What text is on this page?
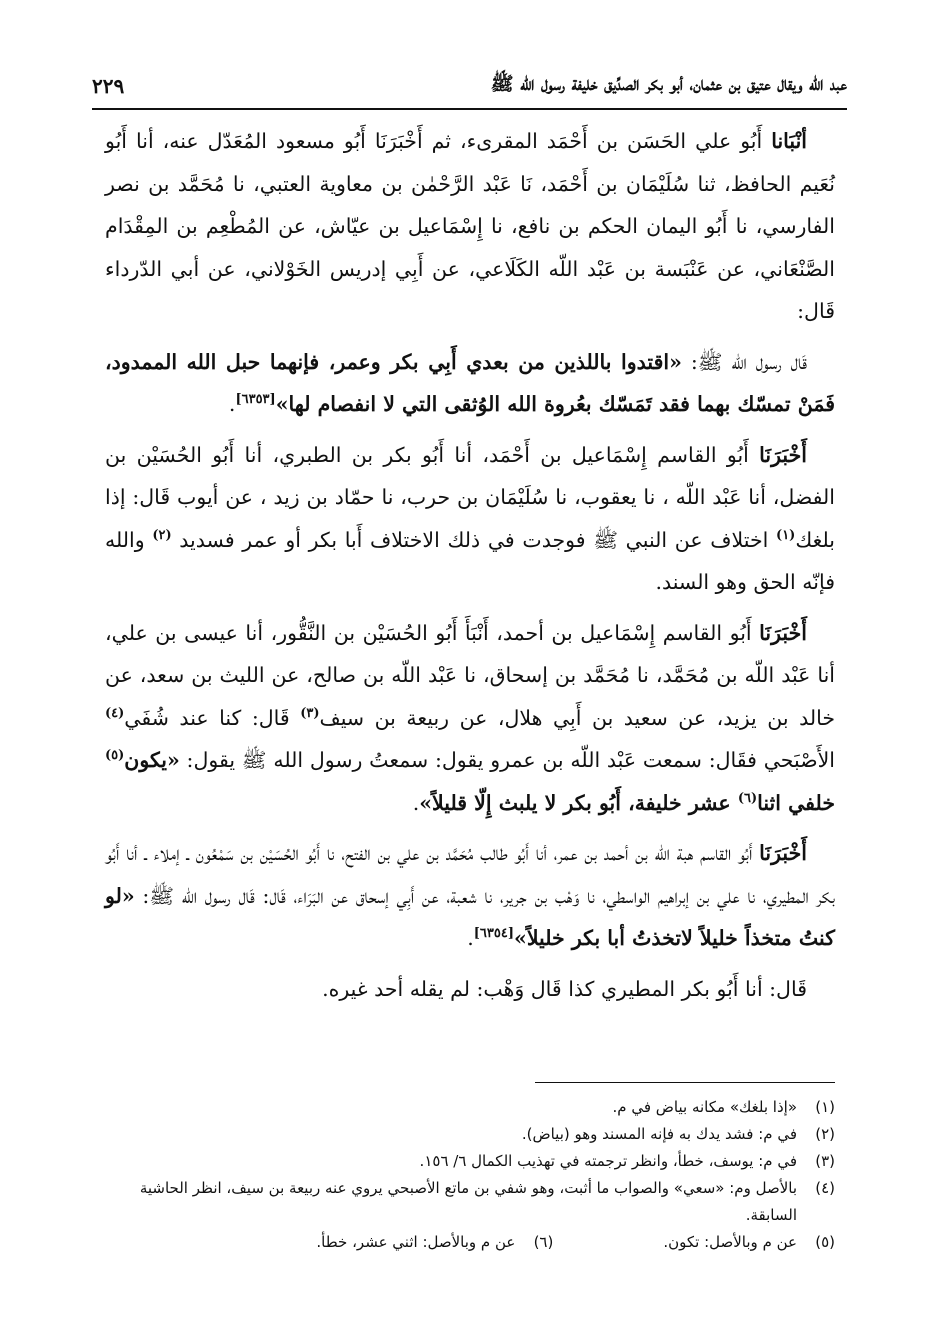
عبد الله ويقال عتيق بن عثمان، أبو بكر الصدِّيق خليفة رسول الله ﷺ
٢٢٩

أنْبَانا أَبُو علي الحَسَن بن أَحْمَد المقرىء، ثم أَخْبَرَنَا أَبُو مسعود المُعَدّل عنه، أنا أَبُو نُعَيم الحافظ، ثنا سُلَيْمَان بن أَحْمَد، نَا عَبْد الرَّحْمٰن بن معاوية العتبي، نا مُحَمَّد بن نصر الفارسي، نا أَبُو اليمان الحكم بن نافع، نا إِسْمَاعيل بن عيّاش، عن المُطْعِم بن المِقْدَام الصَّنْعَاني، عن عَنْبَسة بن عَبْد اللّه الكَلَاعي، عن أَبِي إدريس الخَوْلاني، عن أبي الدّرداء قَال:

قَال رسول الله ﷺ: «اقتدوا باللذين من بعدي أَبِي بكر وعمر، فإنهما حبل الله الممدود، فَمَنْ تمسّك بهما فقد تَمَسّك بعُروة الله الوُثقى التي لا انفصام لها»[٦٣٥٣].

أَخْبَرَنَا أَبُو القاسم إِسْمَاعيل بن أَحْمَد، أنا أَبُو بكر بن الطبري، أنا أَبُو الحُسَيْن بن الفضل، أنا عَبْد اللّه ، نا يعقوب، نا سُلَيْمَان بن حرب، نا حمّاد بن زيد ، عن أيوب قَال: إذا بلغك$^{(١)}$ اختلاف عن النبي ﷺ فوجدت في ذلك الاختلاف أَبا بكر أو عمر فسديد $^{(٢)}$ والله فإنّه الحق وهو السند.

أَخْبَرَنَا أَبُو القاسم إِسْمَاعيل بن أحمد، أَنْبَأَ أَبُو الحُسَيْن بن النَّقُّور، أنا عيسى بن علي، أنا عَبْد اللّه بن مُحَمَّد، نا مُحَمَّد بن إسحاق، نا عَبْد اللّه بن صالح، عن الليث بن سعد، عن خالد بن يزيد، عن سعيد بن أَبِي هلال، عن ربيعة بن سيف$^{(٣)}$ قَال: كنا عند شُفَي$^{(٤)}$ الأَصْبَحي فقَال: سمعت عَبْد اللّه بن عمرو يقول: سمعتُ رسول الله ﷺ يقول: «يكون$^{(٥)}$ خلفي اثنا$^{(٦)}$ عشر خليفة، أَبُو بكر لا يلبث إِلّا قليلاً».

أَخْبَرَنَا أَبُو القاسم هبة اللّه بن أحمد بن عمر، أنا أَبُو طالب مُحَمَّد بن علي بن الفتح، نا أَبُو الحُسَيْن بن سَمْعُون ـ إملاء ـ أنا أَبُو بكر المطيري، نا علي بن إبراهيم الواسطي، نا وَهْب بن جرير، نا شعبة، عن أَبِي إسحاق عن البَرَاء، قَال: قَال رسول الله ﷺ: «لو كنتُ متخذاً خليلاً لاتخذتُ أبا بكر خليلاً»[٦٣٥٤].

قَال: أنا أَبُو بكر المطيري كذا قَال وَهْب: لم يقله أحد غيره.

(١)
«إذا بلغك» مكانه بياض في م.
(٢)
في م: فشد يدك به فإنه المسند وهو (بياض).
(٣)
في م: يوسف، خطأ، وانظر ترجمته في تهذيب الكمال ٦/ ١٥٦.
(٤)
بالأصل وم: «سعي» والصواب ما أثبت، وهو شفي بن ماتع الأصبحي يروي عنه ربيعة بن سيف، انظر الحاشية السابقة.
(٥)
عن م وبالأصل: تكون.
(٦)
عن م وبالأصل: اثني عشر، خطأ.
